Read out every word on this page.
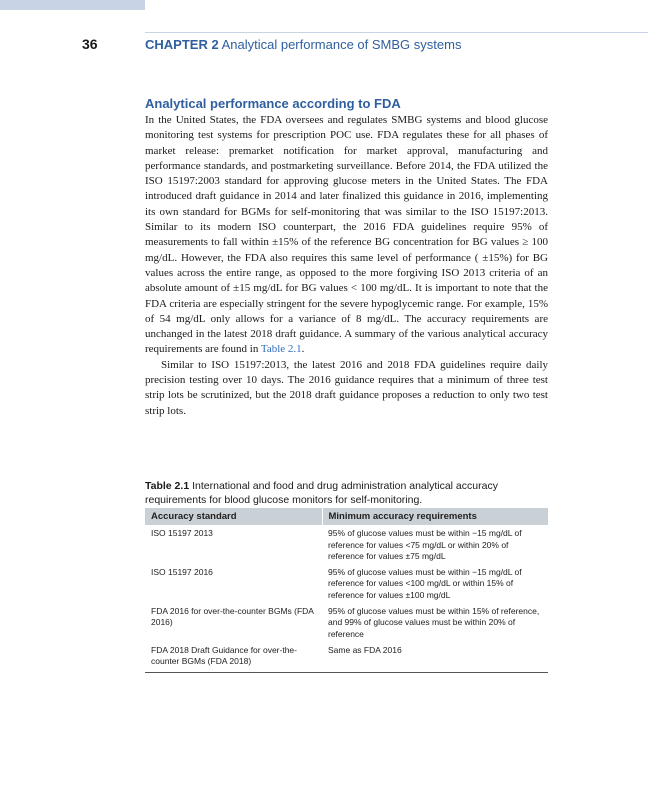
36	CHAPTER 2 Analytical performance of SMBG systems
Analytical performance according to FDA

In the United States, the FDA oversees and regulates SMBG systems and blood glucose monitoring test systems for prescription POC use. FDA regulates these for all phases of market release: premarket notification for market approval, manufacturing and performance standards, and postmarketing surveillance. Before 2014, the FDA utilized the ISO 15197:2003 standard for approving glucose meters in the United States. The FDA introduced draft guidance in 2014 and later finalized this guidance in 2016, implementing its own standard for BGMs for self-monitoring that was similar to the ISO 15197:2013. Similar to its modern ISO counterpart, the 2016 FDA guidelines require 95% of measurements to fall within ±15% of the reference BG concentration for BG values ≥ 100 mg/dL. However, the FDA also requires this same level of performance ( ±15%) for BG values across the entire range, as opposed to the more forgiving ISO 2013 criteria of an absolute amount of ±15 mg/dL for BG values < 100 mg/dL. It is important to note that the FDA criteria are especially stringent for the severe hypoglycemic range. For example, 15% of 54 mg/dL only allows for a variance of 8 mg/dL. The accuracy requirements are unchanged in the latest 2018 draft guidance. A summary of the various analytical accuracy requirements are found in Table 2.1.

Similar to ISO 15197:2013, the latest 2016 and 2018 FDA guidelines require daily precision testing over 10 days. The 2016 guidance requires that a minimum of three test strip lots be scrutinized, but the 2018 draft guidance proposes a reduction to only two test strip lots.

Table 2.1 International and food and drug administration analytical accuracy requirements for blood glucose monitors for self-monitoring.
Accuracy standard	Minimum accuracy requirements
ISO 15197 2013	95% of glucose values must be within −15 mg/dL of reference for values <75 mg/dL or within 20% of reference for values ±75 mg/dL
ISO 15197 2016	95% of glucose values must be within −15 mg/dL of reference for values <100 mg/dL or within 15% of reference for values ±100 mg/dL
FDA 2016 for over-the-counter BGMs (FDA 2016)	95% of glucose values must be within 15% of reference, and 99% of glucose values must be within 20% of reference
FDA 2018 Draft Guidance for over-the-counter BGMs (FDA 2018)	Same as FDA 2016
